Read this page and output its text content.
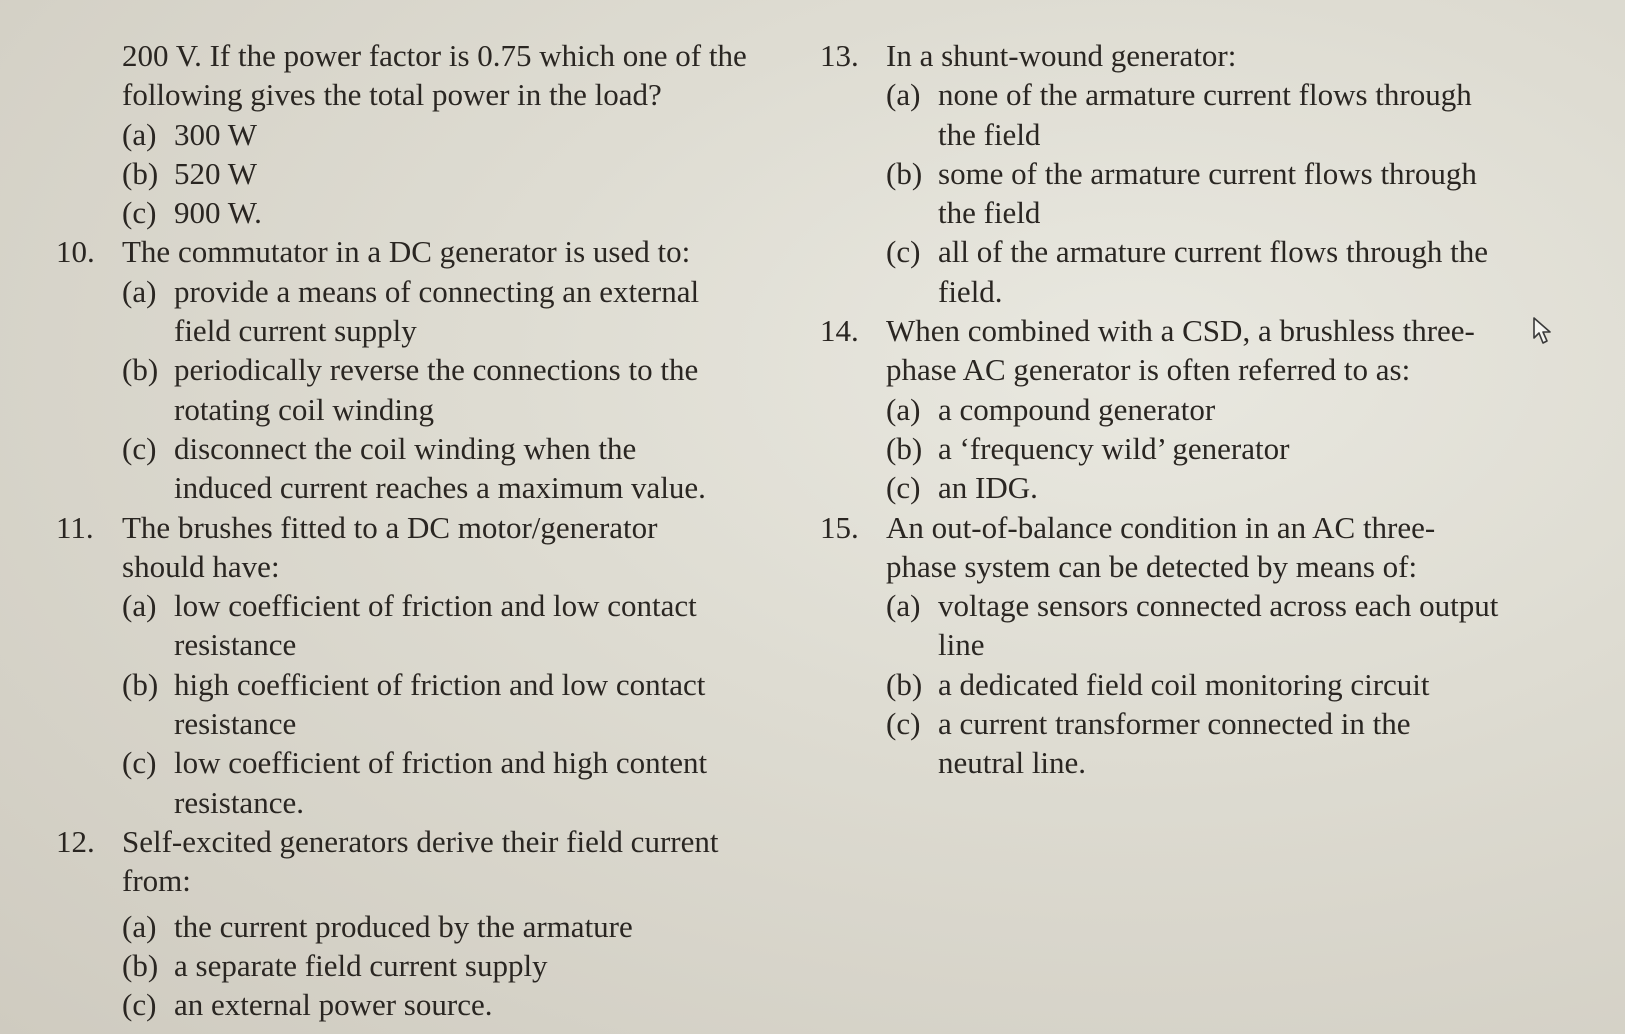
200 V. If the power factor is 0.75 which one of the
following gives the total power in the load?
(a) 300 W
(b) 520 W
(c) 900 W.
10. The commutator in a DC generator is used to:
(a) provide a means of connecting an external
field current supply
(b) periodically reverse the connections to the
rotating coil winding
(c) disconnect the coil winding when the
induced current reaches a maximum value.
11. The brushes fitted to a DC motor/generator
should have:
(a) low coefficient of friction and low contact
resistance
(b) high coefficient of friction and low contact
resistance
(c) low coefficient of friction and high content
resistance.
12. Self-excited generators derive their field current
from:
(a) the current produced by the armature
(b) a separate field current supply
(c) an external power source.
13. In a shunt-wound generator:
(a) none of the armature current flows through
the field
(b) some of the armature current flows through
the field
(c) all of the armature current flows through the
field.
14. When combined with a CSD, a brushless three-
phase AC generator is often referred to as:
(a) a compound generator
(b) a ‘frequency wild’ generator
(c) an IDG.
15. An out-of-balance condition in an AC three-
phase system can be detected by means of:
(a) voltage sensors connected across each output
line
(b) a dedicated field coil monitoring circuit
(c) a current transformer connected in the
neutral line.
